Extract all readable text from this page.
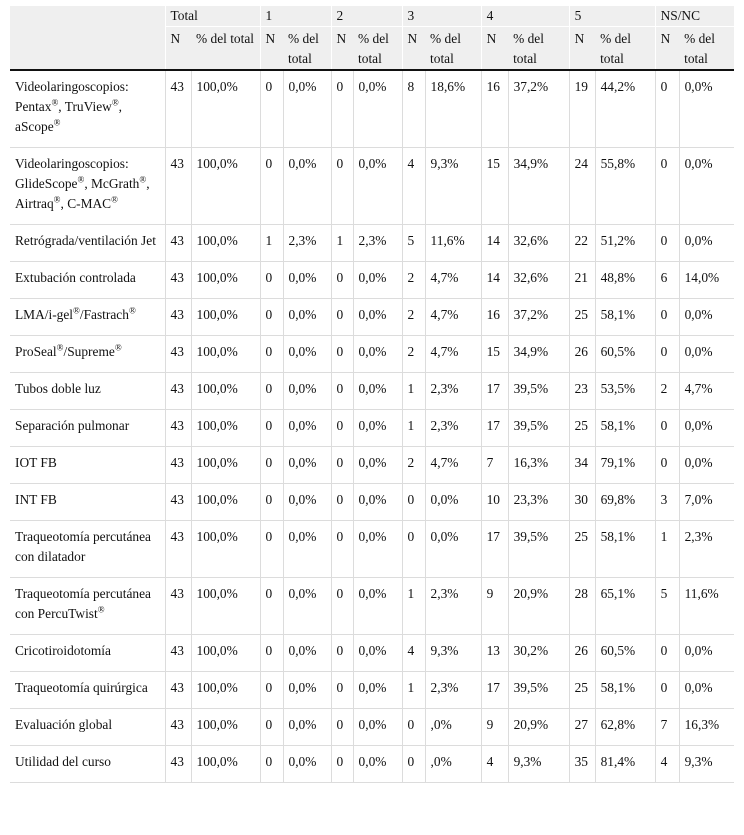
	Total		1		2		3		4		5		NS/NC	
	N	% del total	N	% del total	N	% del total	N	% del total	N	% del total	N	% del total	N	% del total
Videolaringoscopios: Pentax®, TruView®, aScope®	43	100,0%	0	0,0%	0	0,0%	8	18,6%	16	37,2%	19	44,2%	0	0,0%
Videolaringoscopios: GlideScope®, McGrath®, Airtraq®, C-MAC®	43	100,0%	0	0,0%	0	0,0%	4	9,3%	15	34,9%	24	55,8%	0	0,0%
Retrógrada/ventilación Jet	43	100,0%	1	2,3%	1	2,3%	5	11,6%	14	32,6%	22	51,2%	0	0,0%
Extubación controlada	43	100,0%	0	0,0%	0	0,0%	2	4,7%	14	32,6%	21	48,8%	6	14,0%
LMA/i-gel®/Fastrach®	43	100,0%	0	0,0%	0	0,0%	2	4,7%	16	37,2%	25	58,1%	0	0,0%
ProSeal®/Supreme®	43	100,0%	0	0,0%	0	0,0%	2	4,7%	15	34,9%	26	60,5%	0	0,0%
Tubos doble luz	43	100,0%	0	0,0%	0	0,0%	1	2,3%	17	39,5%	23	53,5%	2	4,7%
Separación pulmonar	43	100,0%	0	0,0%	0	0,0%	1	2,3%	17	39,5%	25	58,1%	0	0,0%
IOT FB	43	100,0%	0	0,0%	0	0,0%	2	4,7%	7	16,3%	34	79,1%	0	0,0%
INT FB	43	100,0%	0	0,0%	0	0,0%	0	0,0%	10	23,3%	30	69,8%	3	7,0%
Traqueotomía percutánea con dilatador	43	100,0%	0	0,0%	0	0,0%	0	0,0%	17	39,5%	25	58,1%	1	2,3%
Traqueotomía percutánea con PercuTwist®	43	100,0%	0	0,0%	0	0,0%	1	2,3%	9	20,9%	28	65,1%	5	11,6%
Cricotiroidotomía	43	100,0%	0	0,0%	0	0,0%	4	9,3%	13	30,2%	26	60,5%	0	0,0%
Traqueotomía quirúrgica	43	100,0%	0	0,0%	0	0,0%	1	2,3%	17	39,5%	25	58,1%	0	0,0%
Evaluación global	43	100,0%	0	0,0%	0	0,0%	0	,0%	9	20,9%	27	62,8%	7	16,3%
Utilidad del curso	43	100,0%	0	0,0%	0	0,0%	0	,0%	4	9,3%	35	81,4%	4	9,3%
